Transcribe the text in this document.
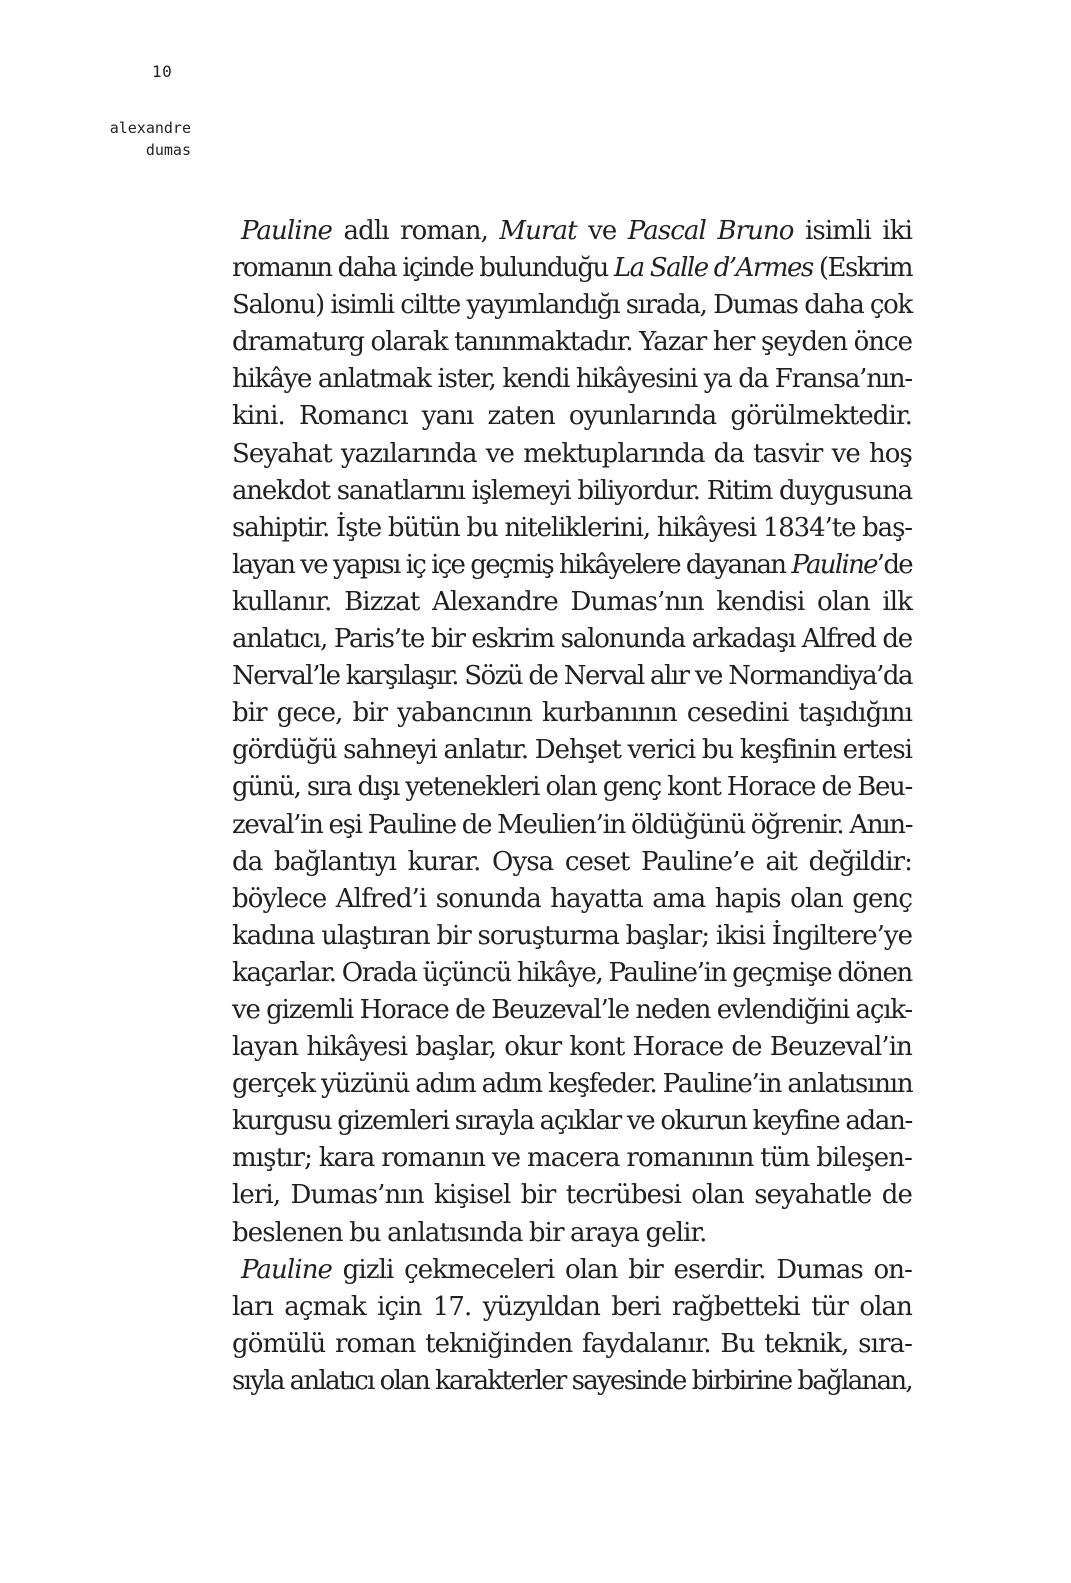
10
alexandre
dumas
Pauline adlı roman, Murat ve Pascal Bruno isimli iki
romanın daha içinde bulunduğu La Salle d’Armes (Eskrim
Salonu) isimli ciltte yayımlandığı sırada, Dumas daha çok
dramaturg olarak tanınmaktadır. Yazar her şeyden önce
hikâye anlatmak ister, kendi hikâyesini ya da Fransa’nın-
kini. Romancı yanı zaten oyunlarında görülmektedir.
Seyahat yazılarında ve mektuplarında da tasvir ve hoş
anekdot sanatlarını işlemeyi biliyordur. Ritim duygusuna
sahiptir. İşte bütün bu niteliklerini, hikâyesi 1834’te baş-
layan ve yapısı iç içe geçmiş hikâyelere dayanan Pauline’de
kullanır. Bizzat Alexandre Dumas’nın kendisi olan ilk
anlatıcı, Paris’te bir eskrim salonunda arkadaşı Alfred de
Nerval’le karşılaşır. Sözü de Nerval alır ve Normandiya’da
bir gece, bir yabancının kurbanının cesedini taşıdığını
gördüğü sahneyi anlatır. Dehşet verici bu keşfinin ertesi
günü, sıra dışı yetenekleri olan genç kont Horace de Beu-
zeval’in eşi Pauline de Meulien’in öldüğünü öğrenir. Anın-
da bağlantıyı kurar. Oysa ceset Pauline’e ait değildir:
böylece Alfred’i sonunda hayatta ama hapis olan genç
kadına ulaştıran bir soruşturma başlar; ikisi İngiltere’ye
kaçarlar. Orada üçüncü hikâye, Pauline’in geçmişe dönen
ve gizemli Horace de Beuzeval’le neden evlendiğini açık-
layan hikâyesi başlar, okur kont Horace de Beuzeval’in
gerçek yüzünü adım adım keşfeder. Pauline’in anlatısının
kurgusu gizemleri sırayla açıklar ve okurun keyfine adan-
mıştır; kara romanın ve macera romanının tüm bileşen-
leri, Dumas’nın kişisel bir tecrübesi olan seyahatle de
beslenen bu anlatısında bir araya gelir.
Pauline gizli çekmeceleri olan bir eserdir. Dumas on-
ları açmak için 17. yüzyıldan beri rağbetteki tür olan
gömülü roman tekniğinden faydalanır. Bu teknik, sıra-
sıyla anlatıcı olan karakterler sayesinde birbirine bağlanan,
